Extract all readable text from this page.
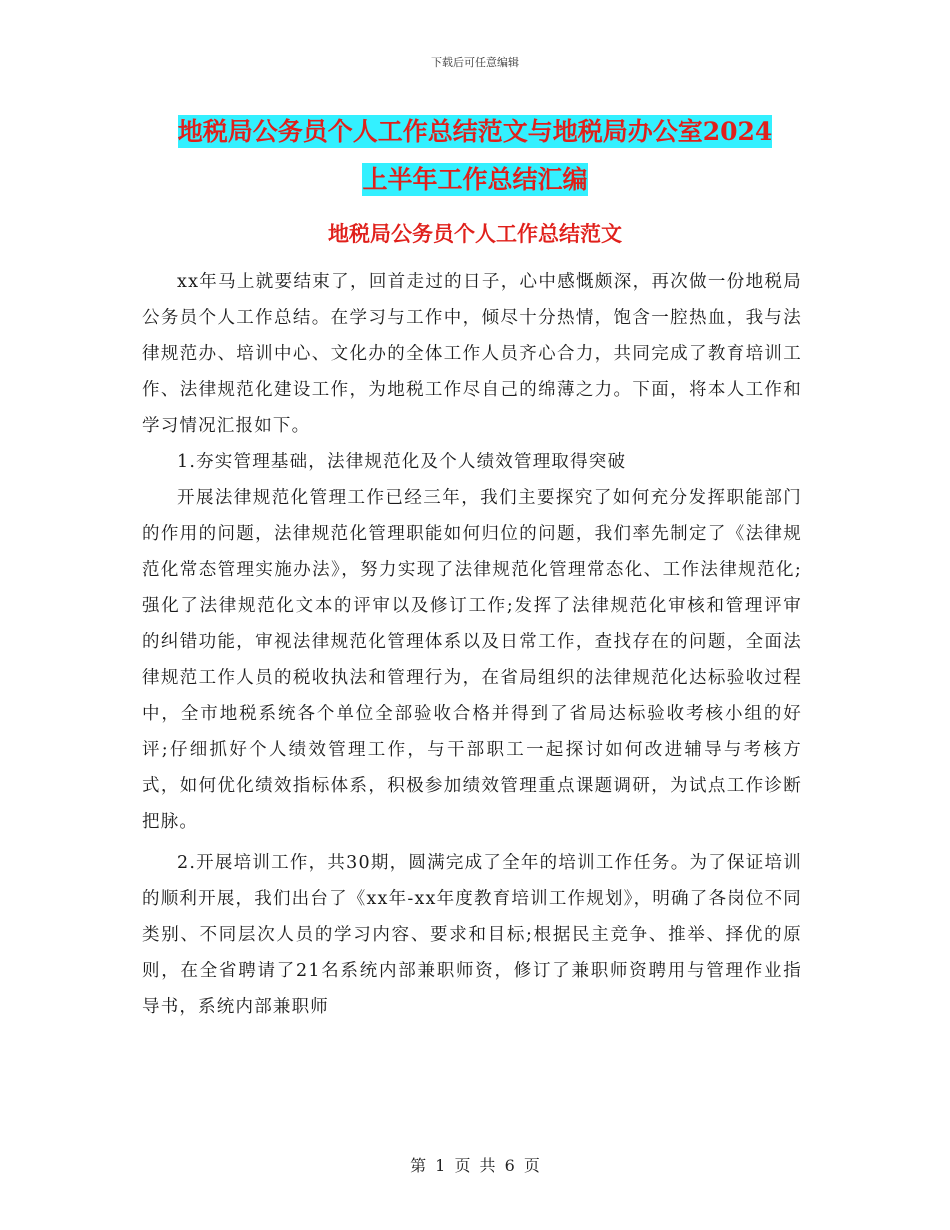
下载后可任意编辑
地税局公务员个人工作总结范文与地税局办公室2024
上半年工作总结汇编
地税局公务员个人工作总结范文

xx年马上就要结束了，回首走过的日子，心中感慨颇深，再次做一份地税局公务员个人工作总结。在学习与工作中，倾尽十分热情，饱含一腔热血，我与法律规范办、培训中心、文化办的全体工作人员齐心合力，共同完成了教育培训工作、法律规范化建设工作，为地税工作尽自己的绵薄之力。下面，将本人工作和学习情况汇报如下。

1.夯实管理基础，法律规范化及个人绩效管理取得突破

开展法律规范化管理工作已经三年，我们主要探究了如何充分发挥职能部门的作用的问题，法律规范化管理职能如何归位的问题，我们率先制定了《法律规范化常态管理实施办法》，努力实现了法律规范化管理常态化、工作法律规范化;强化了法律规范化文本的评审以及修订工作;发挥了法律规范化审核和管理评审的纠错功能，审视法律规范化管理体系以及日常工作，查找存在的问题，全面法律规范工作人员的税收执法和管理行为，在省局组织的法律规范化达标验收过程中，全市地税系统各个单位全部验收合格并得到了省局达标验收考核小组的好评;仔细抓好个人绩效管理工作，与干部职工一起探讨如何改进辅导与考核方式，如何优化绩效指标体系，积极参加绩效管理重点课题调研，为试点工作诊断把脉。

2.开展培训工作，共30期，圆满完成了全年的培训工作任务。为了保证培训的顺利开展，我们出台了《xx年-xx年度教育培训工作规划》，明确了各岗位不同类别、不同层次人员的学习内容、要求和目标;根据民主竞争、推举、择优的原则，在全省聘请了21名系统内部兼职师资，修订了兼职师资聘用与管理作业指导书，系统内部兼职师

第 1 页 共 6 页
